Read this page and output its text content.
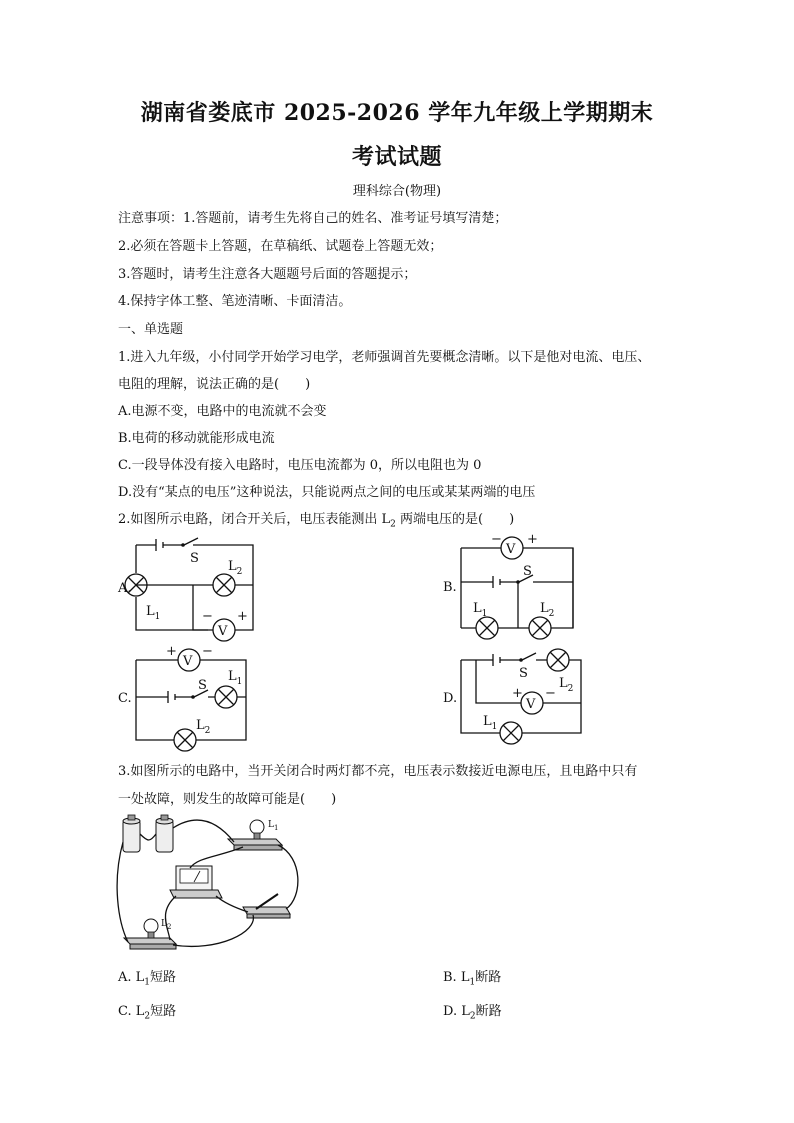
湖南省娄底市 2025-2026 学年九年级上学期期末
考试试题
理科综合(物理)
注意事项：1.答题前，请考生先将自己的姓名、准考证号填写清楚；
2.必须在答题卡上答题，在草稿纸、试题卷上答题无效；
3.答题时，请考生注意各大题题号后面的答题提示；
4.保持字体工整、笔迹清晰、卡面清洁。
一、单选题
1.进入九年级，小付同学开始学习电学，老师强调首先要概念清晰。以下是他对电流、电压、
电阻的理解，说法正确的是(　　)
A.电源不变，电路中的电流就不会变
B.电荷的移动就能形成电流
C.一段导体没有接入电路时，电压电流都为 0，所以电阻也为 0
D.没有“某点的电压”这种说法，只能说两点之间的电压或某某两端的电压
2.如图所示电路，闭合开关后，电压表能测出 $L_2$ 两端电压的是(　　)
A.
S
$L_1$
$L_2$
V
− +
B.
V
− +
S
$L_1$	$L_2$
C.
V
+ −
S
$L_1$
$L_2$
D.
S
$L_2$
V
+ −
$L_1$
3.如图所示的电路中，当开关闭合时两灯都不亮，电压表示数接近电源电压，且电路中只有
一处故障，则发生的故障可能是(　　)
$L_1$
$L_2$
A. $L_1$短路	B. $L_1$断路
C. $L_2$短路	D. $L_2$断路
